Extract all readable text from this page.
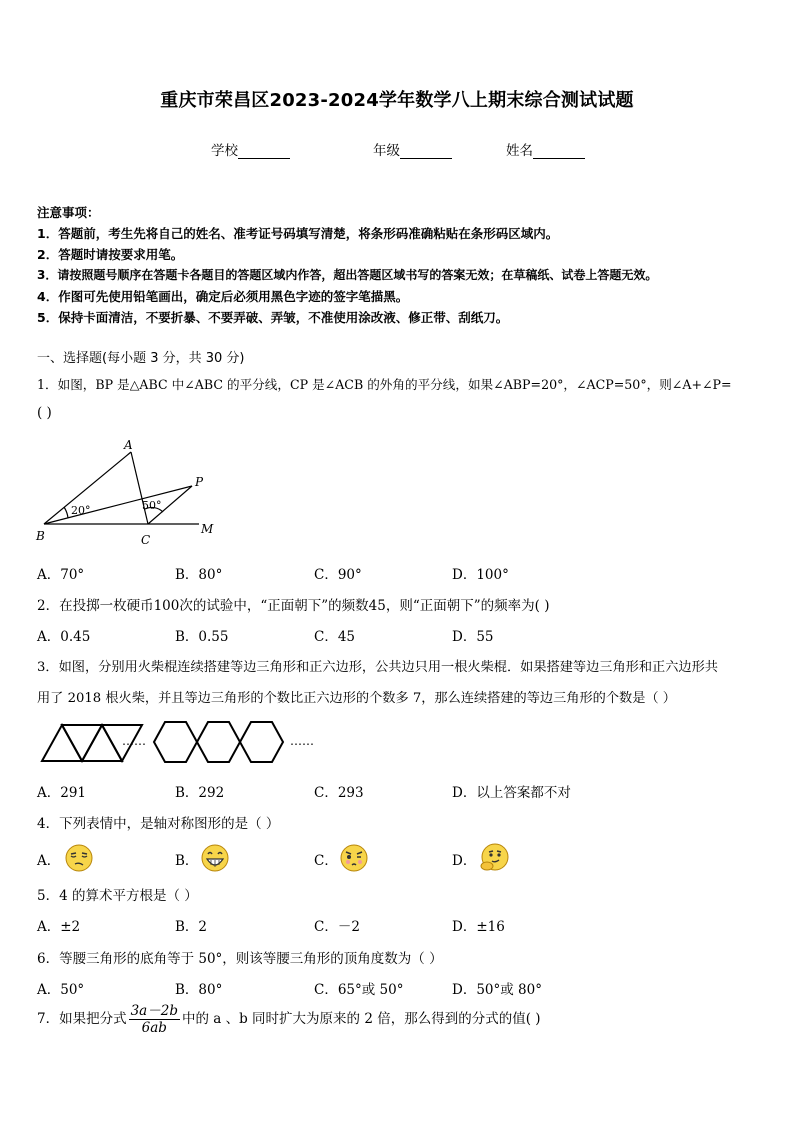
重庆市荣昌区2023-2024学年数学八上期末综合测试试题
学校	年级	姓名
注意事项：
1．答题前，考生先将自己的姓名、准考证号码填写清楚，将条形码准确粘贴在条形码区域内。
2．答题时请按要求用笔。
3．请按照题号顺序在答题卡各题目的答题区域内作答，超出答题区域书写的答案无效；在草稿纸、试卷上答题无效。
4．作图可先使用铅笔画出，确定后必须用黑色字迹的签字笔描黑。
5．保持卡面清洁，不要折暴、不要弄破、弄皱，不准使用涂改液、修正带、刮纸刀。
一、选择题(每小题 3 分，共 30 分)
1．如图，BP 是△ABC 中∠ABC 的平分线，CP 是∠ACB 的外角的平分线，如果∠ABP=20°，∠ACP=50°，则∠A+∠P=
( )
A
B	C
P
M
20°	50°
A．70°	B．80°	C．90°	D．100°
2．在投掷一枚硬币100次的试验中，“正面朝下”的频数45，则“正面朝下”的频率为( )
A．0.45	B．0.55	C．45	D．55
3．如图，分别用火柴棍连续搭建等边三角形和正六边形，公共边只用一根火柴棍．如果搭建等边三角形和正六边形共
用了 2018 根火柴，并且等边三角形的个数比正六边形的个数多 7，那么连续搭建的等边三角形的个数是（ ）
……	……
A．291	B．292	C．293	D．以上答案都不对
4．下列表情中，是轴对称图形的是（ ）
A．	B．	C．	D．
5．4 的算术平方根是（ ）
A．±2	B．2	C．－2	D．±16
6．等腰三角形的底角等于 50°，则该等腰三角形的顶角度数为（ ）
A．50°	B．80°	C．65°或 50°	D．50°或 80°
7．如果把分式 $\frac{3a-2b}{6ab}$ 中的 a 、b 同时扩大为原来的 2 倍，那么得到的分式的值( )
